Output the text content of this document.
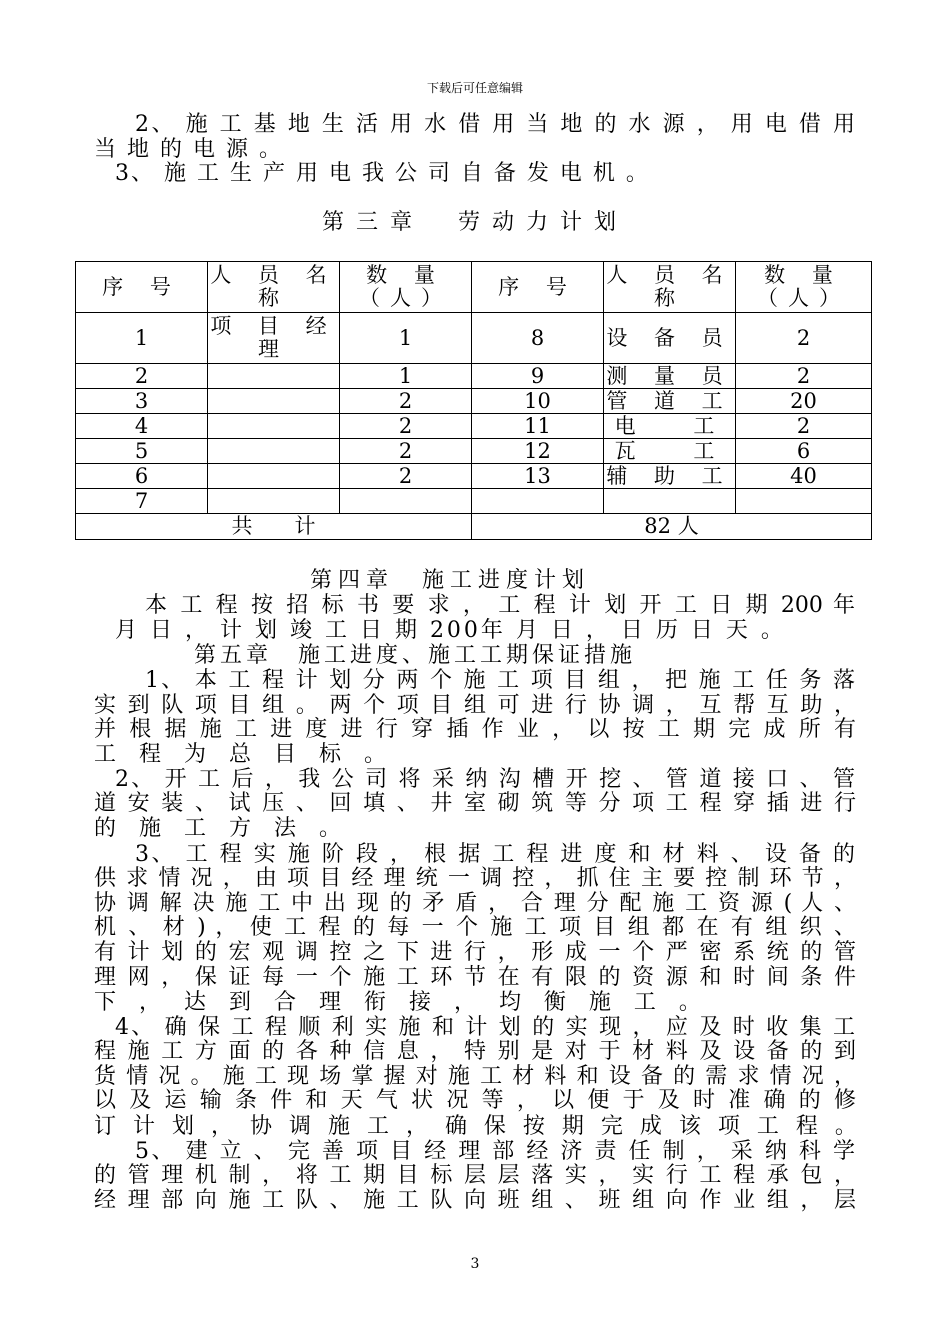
下载后可任意编辑
2、 施 工 基 地 生 活 用 水 借 用 当 地 的 水 源 ， 用 电 借 用
当 地 的 电 源 。
3、 施 工 生 产 用 电 我 公 司 自 备 发 电 机 。
第三章　劳动力计划
序 号	人 员 名 称	数 量 （人）	序 号	人 员 名 称	数 量 （人）
1	项 目 经 理	1	8	设 备 员	2
2		1	9	测 量 员	2
3		2	10	管 道 工	20
4		2	11	电　 工	2
5		2	12	瓦　 工	6
6		2	13	辅 助 工	40
7					
共　　计			82 人		
第四章　施工进度计划
本 工 程 按 招 标 书 要 求 ， 工 程 计 划 开 工 日 期 200 年
月 日 ， 计 划 竣 工 日 期 200年 月 日 ， 日 历 日 天 。
第五章　施工进度、施工工期保证措施
1、 本 工 程 计 划 分 两 个 施 工 项 目 组 ， 把 施 工 任 务 落
实 到 队 项 目 组 。 两 个 项 目 组 可 进 行 协 调 ， 互 帮 互 助 ，
并 根 据 施 工 进 度 进 行 穿 插 作 业 ， 以 按 工 期 完 成 所 有
工 程 为 总 目 标 。
2、 开 工 后 ， 我 公 司 将 采 纳 沟 槽 开 挖 、 管 道 接 口 、 管
道 安 装 、 试 压 、 回 填 、 井 室 砌 筑 等 分 项 工 程 穿 插 进 行
的 施 工 方 法 。
3、 工 程 实 施 阶 段 ， 根 据 工 程 进 度 和 材 料 、 设 备 的
供 求 情 况 ， 由 项 目 经 理 统 一 调 控 ， 抓 住 主 要 控 制 环 节 ，
协 调 解 决 施 工 中 出 现 的 矛 盾 ， 合 理 分 配 施 工 资 源 ( 人 、
机 、 材 ) ， 使 工 程 的 每 一 个 施 工 项 目 组 都 在 有 组 织 、
有 计 划 的 宏 观 调 控 之 下 进 行 ， 形 成 一 个 严 密 系 统 的 管
理 网 ， 保 证 每 一 个 施 工 环 节 在 有 限 的 资 源 和 时 间 条 件
下 ， 达 到 合 理 衔 接 ， 均 衡 施 工 。
4、 确 保 工 程 顺 利 实 施 和 计 划 的 实 现 ， 应 及 时 收 集 工
程 施 工 方 面 的 各 种 信 息 ， 特 别 是 对 于 材 料 及 设 备 的 到
货 情 况 。 施 工 现 场 掌 握 对 施 工 材 料 和 设 备 的 需 求 情 况 ，
以 及 运 输 条 件 和 天 气 状 况 等 ， 以 便 于 及 时 准 确 的 修
订 计 划 ， 协 调 施 工 ， 确 保 按 期 完 成 该 项 工 程 。
5、 建 立 、 完 善 项 目 经 理 部 经 济 责 任 制 ， 采 纳 科 学
的 管 理 机 制 ， 将 工 期 目 标 层 层 落 实 ， 实 行 工 程 承 包 ，
经 理 部 向 施 工 队 、 施 工 队 向 班 组 、 班 组 向 作 业 组 ， 层
3
